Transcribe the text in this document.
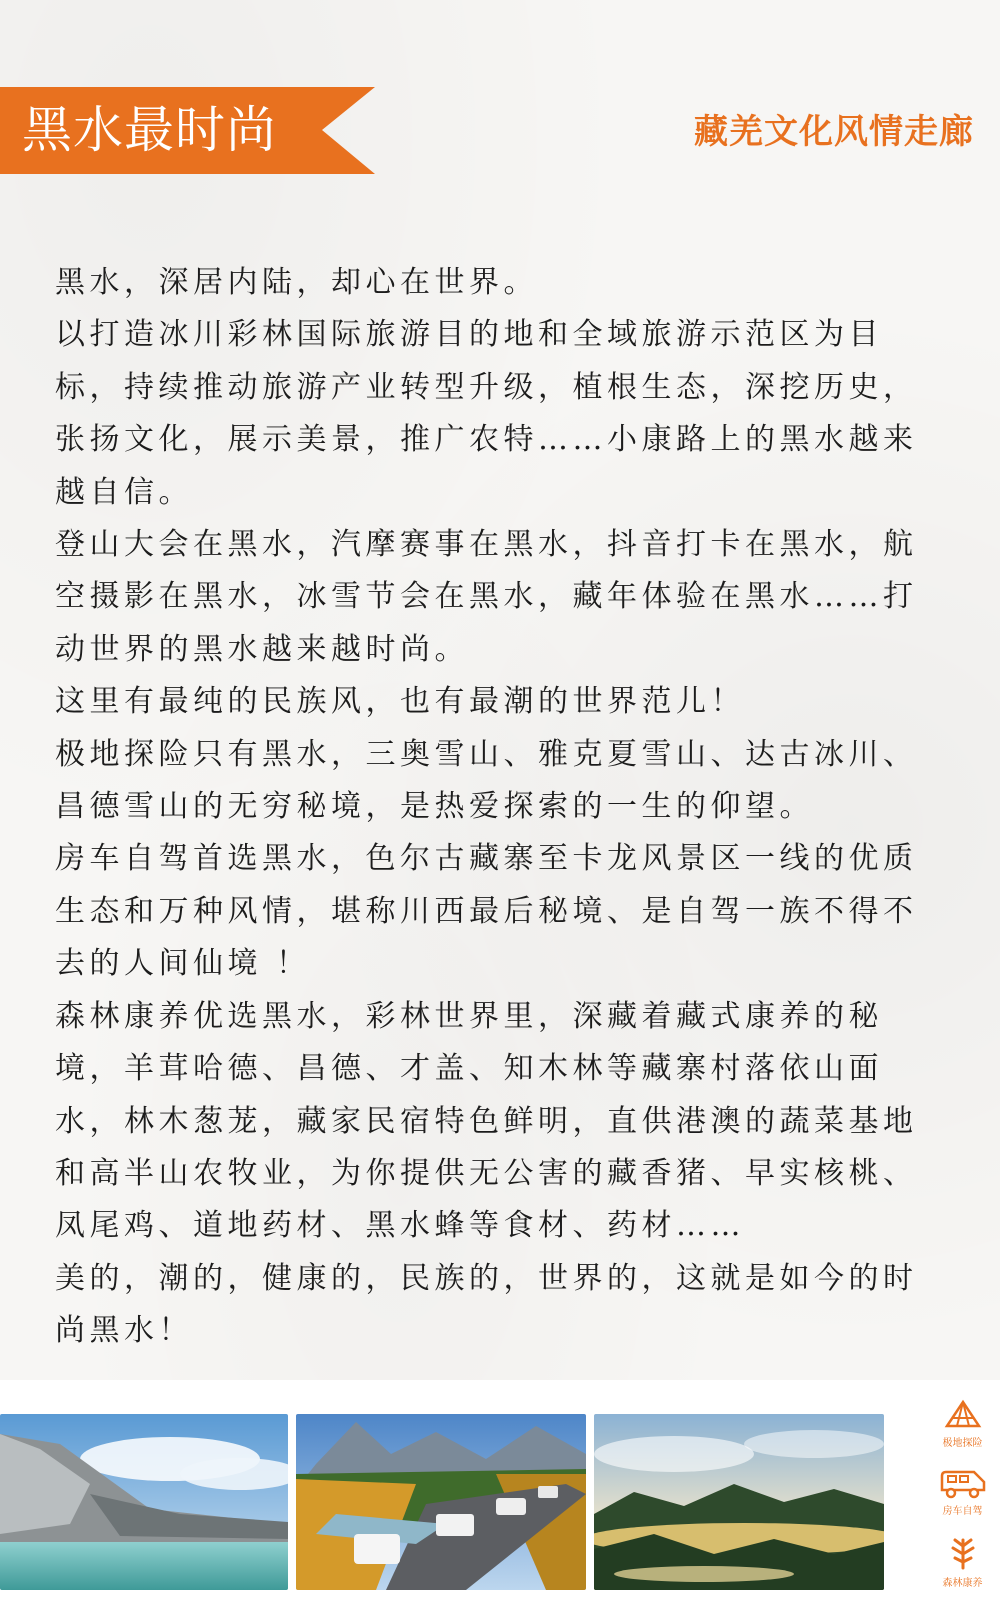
黑水最时尚	藏羌文化风情走廊

黑水，深居内陆，却心在世界。

以打造冰川彩林国际旅游目的地和全域旅游示范区为目标，持续推动旅游产业转型升级，植根生态，深挖历史，张扬文化，展示美景，推广农特……小康路上的黑水越来越自信。

登山大会在黑水，汽摩赛事在黑水，抖音打卡在黑水，航空摄影在黑水，冰雪节会在黑水，藏年体验在黑水……打动世界的黑水越来越时尚。

这里有最纯的民族风，也有最潮的世界范儿！

极地探险只有黑水，三奥雪山、雅克夏雪山、达古冰川、昌德雪山的无穷秘境，是热爱探索的一生的仰望。

房车自驾首选黑水，色尔古藏寨至卡龙风景区一线的优质生态和万种风情，堪称川西最后秘境、是自驾一族不得不去的人间仙境 ！

森林康养优选黑水，彩林世界里，深藏着藏式康养的秘境，羊茸哈德、昌德、才盖、知木林等藏寨村落依山面水，林木葱茏，藏家民宿特色鲜明，直供港澳的蔬菜基地和高半山农牧业，为你提供无公害的藏香猪、早实核桃、凤尾鸡、道地药材、黑水蜂等食材、药材……

美的，潮的，健康的，民族的，世界的，这就是如今的时尚黑水！

极地探险
房车自驾
森林康养
